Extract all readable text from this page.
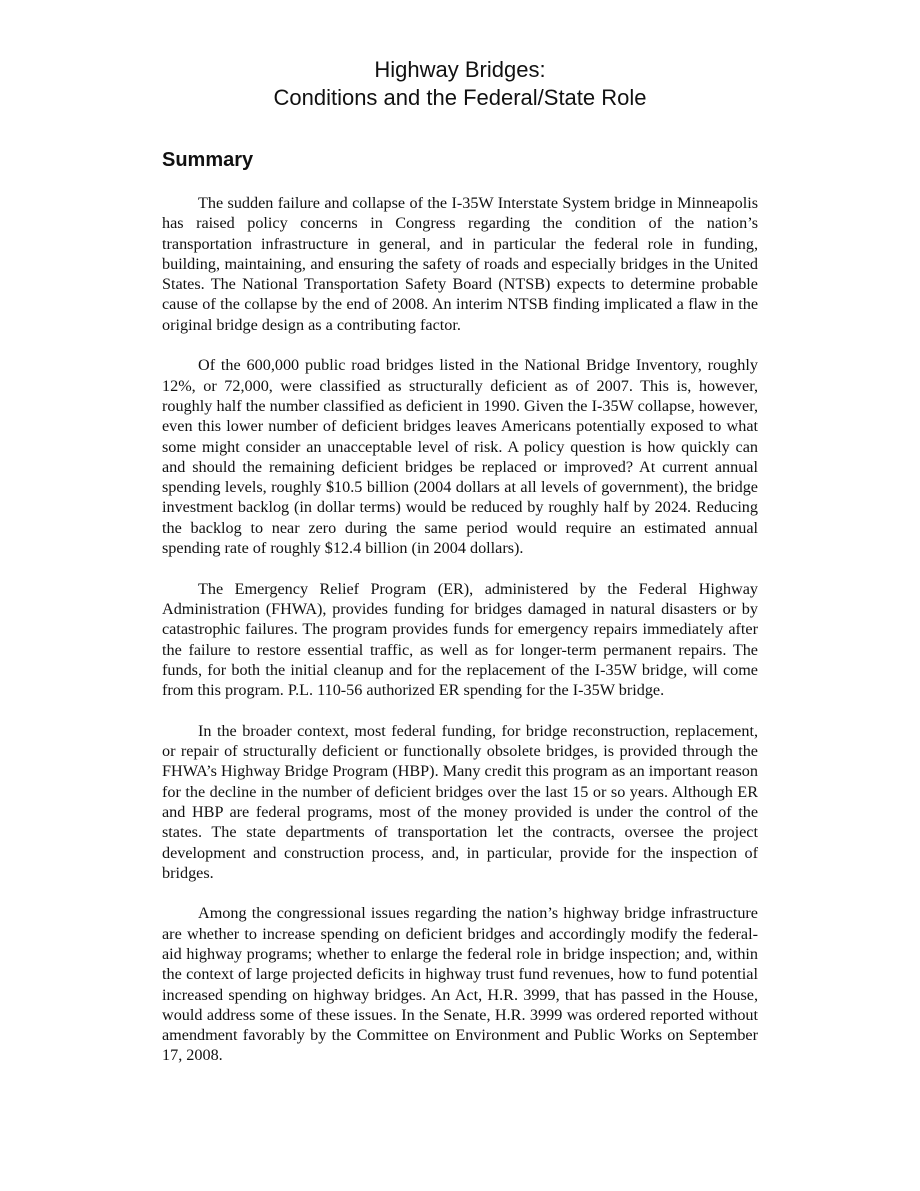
Highway Bridges:
Conditions and the Federal/State Role
Summary

The sudden failure and collapse of the I-35W Interstate System bridge in Minneapolis has raised policy concerns in Congress regarding the condition of the nation’s transportation infrastructure in general, and in particular the federal role in funding, building, maintaining, and ensuring the safety of roads and especially bridges in the United States. The National Transportation Safety Board (NTSB) expects to determine probable cause of the collapse by the end of 2008. An interim NTSB finding implicated a flaw in the original bridge design as a contributing factor.

Of the 600,000 public road bridges listed in the National Bridge Inventory, roughly 12%, or 72,000, were classified as structurally deficient as of 2007. This is, however, roughly half the number classified as deficient in 1990. Given the I-35W collapse, however, even this lower number of deficient bridges leaves Americans potentially exposed to what some might consider an unacceptable level of risk. A policy question is how quickly can and should the remaining deficient bridges be replaced or improved? At current annual spending levels, roughly $10.5 billion (2004 dollars at all levels of government), the bridge investment backlog (in dollar terms) would be reduced by roughly half by 2024. Reducing the backlog to near zero during the same period would require an estimated annual spending rate of roughly $12.4 billion (in 2004 dollars).

The Emergency Relief Program (ER), administered by the Federal Highway Administration (FHWA), provides funding for bridges damaged in natural disasters or by catastrophic failures. The program provides funds for emergency repairs immediately after the failure to restore essential traffic, as well as for longer-term permanent repairs. The funds, for both the initial cleanup and for the replacement of the I-35W bridge, will come from this program. P.L. 110-56 authorized ER spending for the I-35W bridge.

In the broader context, most federal funding, for bridge reconstruction, replacement, or repair of structurally deficient or functionally obsolete bridges, is provided through the FHWA’s Highway Bridge Program (HBP). Many credit this program as an important reason for the decline in the number of deficient bridges over the last 15 or so years. Although ER and HBP are federal programs, most of the money provided is under the control of the states. The state departments of transportation let the contracts, oversee the project development and construction process, and, in particular, provide for the inspection of bridges.

Among the congressional issues regarding the nation’s highway bridge infrastructure are whether to increase spending on deficient bridges and accordingly modify the federal-aid highway programs; whether to enlarge the federal role in bridge inspection; and, within the context of large projected deficits in highway trust fund revenues, how to fund potential increased spending on highway bridges. An Act, H.R. 3999, that has passed in the House, would address some of these issues. In the Senate, H.R. 3999 was ordered reported without amendment favorably by the Committee on Environment and Public Works on September 17, 2008.
